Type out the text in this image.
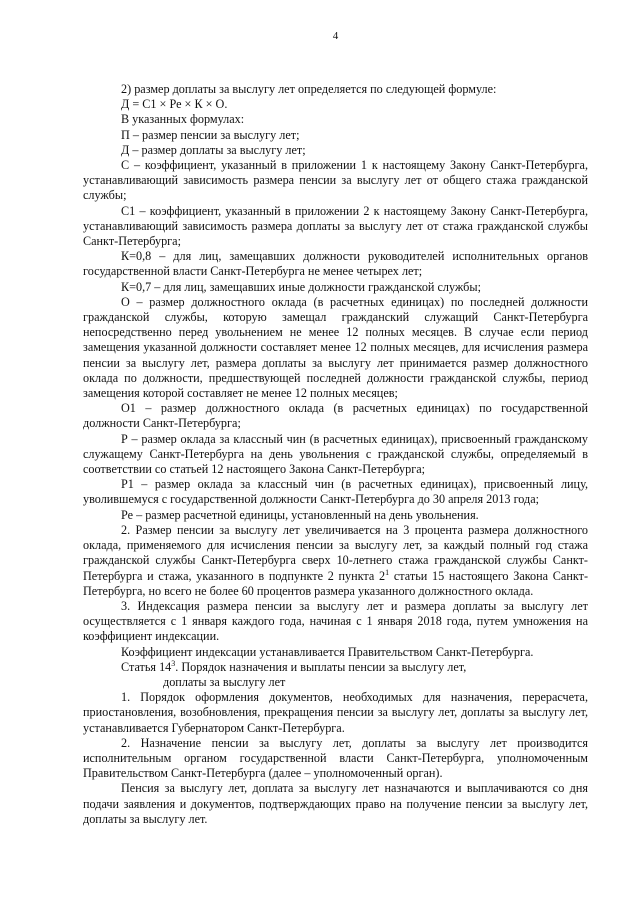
4

2) размер доплаты за выслугу лет определяется по следующей формуле:

Д = С1 × Ре × К × О.

В указанных формулах:

П – размер пенсии за выслугу лет;

Д – размер доплаты за выслугу лет;

С – коэффициент, указанный в приложении 1 к настоящему Закону Санкт-Петербурга, устанавливающий зависимость размера пенсии за выслугу лет от общего стажа гражданской службы;

С1 – коэффициент, указанный в приложении 2 к настоящему Закону Санкт-Петербурга, устанавливающий зависимость размера доплаты за выслугу лет от стажа гражданской службы Санкт-Петербурга;

К=0,8 – для лиц, замещавших должности руководителей исполнительных органов государственной власти Санкт-Петербурга не менее четырех лет;

К=0,7 – для лиц, замещавших иные должности гражданской службы;

О – размер должностного оклада (в расчетных единицах) по последней должности гражданской службы, которую замещал гражданский служащий Санкт-Петербурга непосредственно перед увольнением не менее 12 полных месяцев. В случае если период замещения указанной должности составляет менее 12 полных месяцев, для исчисления размера пенсии за выслугу лет, размера доплаты за выслугу лет принимается размер должностного оклада по должности, предшествующей последней должности гражданской службы, период замещения которой составляет не менее 12 полных месяцев;

О1 – размер должностного оклада (в расчетных единицах) по государственной должности Санкт-Петербурга;

Р – размер оклада за классный чин (в расчетных единицах), присвоенный гражданскому служащему Санкт-Петербурга на день увольнения с гражданской службы, определяемый в соответствии со статьей 12 настоящего Закона Санкт-Петербурга;

Р1 – размер оклада за классный чин (в расчетных единицах), присвоенный лицу, уволившемуся с государственной должности Санкт-Петербурга до 30 апреля 2013 года;

Ре – размер расчетной единицы, установленный на день увольнения.

2. Размер пенсии за выслугу лет увеличивается на 3 процента размера должностного оклада, применяемого для исчисления пенсии за выслугу лет, за каждый полный год стажа гражданской службы Санкт-Петербурга сверх 10-летнего стажа гражданской службы Санкт-Петербурга и стажа, указанного в подпункте 2 пункта $2^1$ статьи 15 настоящего Закона Санкт-Петербурга, но всего не более 60 процентов размера указанного должностного оклада.

3. Индексация размера пенсии за выслугу лет и размера доплаты за выслугу лет осуществляется с 1 января каждого года, начиная с 1 января 2018 года, путем умножения на коэффициент индексации.

Коэффициент индексации устанавливается Правительством Санкт-Петербурга.

Статья $14^3$. Порядок назначения и выплаты пенсии за выслугу лет,

доплаты за выслугу лет

1. Порядок оформления документов, необходимых для назначения, перерасчета, приостановления, возобновления, прекращения пенсии за выслугу лет, доплаты за выслугу лет, устанавливается Губернатором Санкт-Петербурга.

2. Назначение пенсии за выслугу лет, доплаты за выслугу лет производится исполнительным органом государственной власти Санкт-Петербурга, уполномоченным Правительством Санкт-Петербурга (далее – уполномоченный орган).

Пенсия за выслугу лет, доплата за выслугу лет назначаются и выплачиваются со дня подачи заявления и документов, подтверждающих право на получение пенсии за выслугу лет, доплаты за выслугу лет.
